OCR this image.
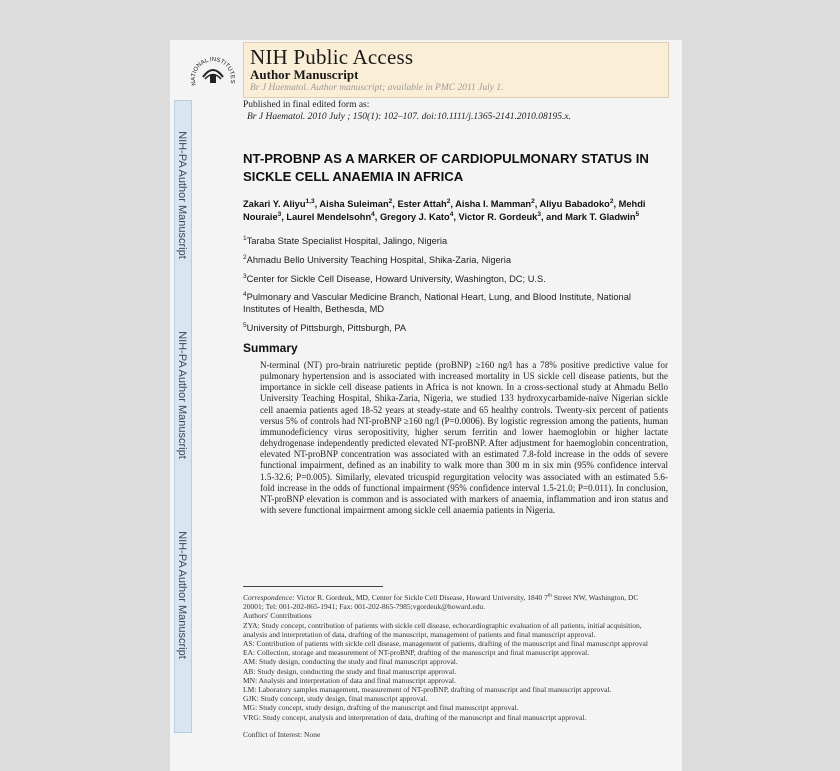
NATIONAL INSTITUTES
NIH Public Access
Author Manuscript
Br J Haematol. Author manuscript; available in PMC 2011 July 1.
NIH-PA Author Manuscript
NIH-PA Author Manuscript
NIH-PA Author Manuscript
Published in final edited form as:
Br J Haematol. 2010 July ; 150(1): 102–107. doi:10.1111/j.1365-2141.2010.08195.x.
NT-PROBNP AS A MARKER OF CARDIOPULMONARY STATUS IN SICKLE CELL ANAEMIA IN AFRICA
Zakari Y. Aliyu$^{1,3}$, Aisha Suleiman$^2$, Ester Attah$^2$, Aisha I. Mamman$^2$, Aliyu Babadoko$^2$, Mehdi Nouraie$^3$, Laurel Mendelsohn$^4$, Gregory J. Kato$^4$, Victor R. Gordeuk$^3$, and Mark T. Gladwin$^5$
$^1$Taraba State Specialist Hospital, Jalingo, Nigeria
$^2$Ahmadu Bello University Teaching Hospital, Shika-Zaria, Nigeria
$^3$Center for Sickle Cell Disease, Howard University, Washington, DC; U.S.
$^4$Pulmonary and Vascular Medicine Branch, National Heart, Lung, and Blood Institute, National Institutes of Health, Bethesda, MD
$^5$University of Pittsburgh, Pittsburgh, PA
Summary
N-terminal (NT) pro-brain natriuretic peptide (proBNP) ≥160 ng/l has a 78% positive predictive value for pulmonary hypertension and is associated with increased mortality in US sickle cell disease patients, but the importance in sickle cell disease patients in Africa is not known. In a cross-sectional study at Ahmadu Bello University Teaching Hospital, Shika-Zaria, Nigeria, we studied 133 hydroxycarbamide-naïve Nigerian sickle cell anaemia patients aged 18-52 years at steady-state and 65 healthy controls. Twenty-six percent of patients versus 5% of controls had NT-proBNP ≥160 ng/l (P=0.0006). By logistic regression among the patients, human immunodeficiency virus seropositivity, higher serum ferritin and lower haemoglobin or higher lactate dehydrogenase independently predicted elevated NT-proBNP. After adjustment for haemoglobin concentration, elevated NT-proBNP concentration was associated with an estimated 7.8-fold increase in the odds of severe functional impairment, defined as an inability to walk more than 300 m in six min (95% confidence interval 1.5-32.6; P=0.005). Similarly, elevated tricuspid regurgitation velocity was associated with an estimated 5.6-fold increase in the odds of functional impairment (95% confidence interval 1.5-21.0; P=0.011). In conclusion, NT-proBNP elevation is common and is associated with markers of anaemia, inflammation and iron status and with severe functional impairment among sickle cell anaemia patients in Nigeria.
Correspondence: Victor R. Gordeuk, MD, Center for Sickle Cell Disease, Howard University, 1840 7th Street NW, Washington, DC
20001; Tel: 001-202-865-1941; Fax: 001-202-865-7985;vgordeuk@howard.edu.
Authors' Contributions
ZYA: Study concept, contribution of patients with sickle cell disease, echocardiographic evaluation of all patients, initial acquisition,
analysis and interpretation of data, drafting of the manuscript, management of patients and final manuscript approval.
AS: Contribution of patients with sickle cell disease, management of patients, drafting of the manuscript and final manuscript approval
EA: Collection, storage and measurement of NT-proBNP, drafting of the manuscript and final manuscript approval.
AM: Study design, conducting the study and final manuscript approval.
AB: Study design, conducting the study and final manuscript approval.
MN: Analysis and interpretation of data and final manuscript approval.
LM: Laboratory samples management, measurement of NT-proBNP, drafting of manuscript and final manuscript approval.
GJK: Study concept, study design, final manuscript approval.
MG: Study concept, study design, drafting of the manuscript and final manuscript approval.
VRG: Study concept, analysis and interpretation of data, drafting of the manuscript and final manuscript approval.
Conflict of Interest: None
